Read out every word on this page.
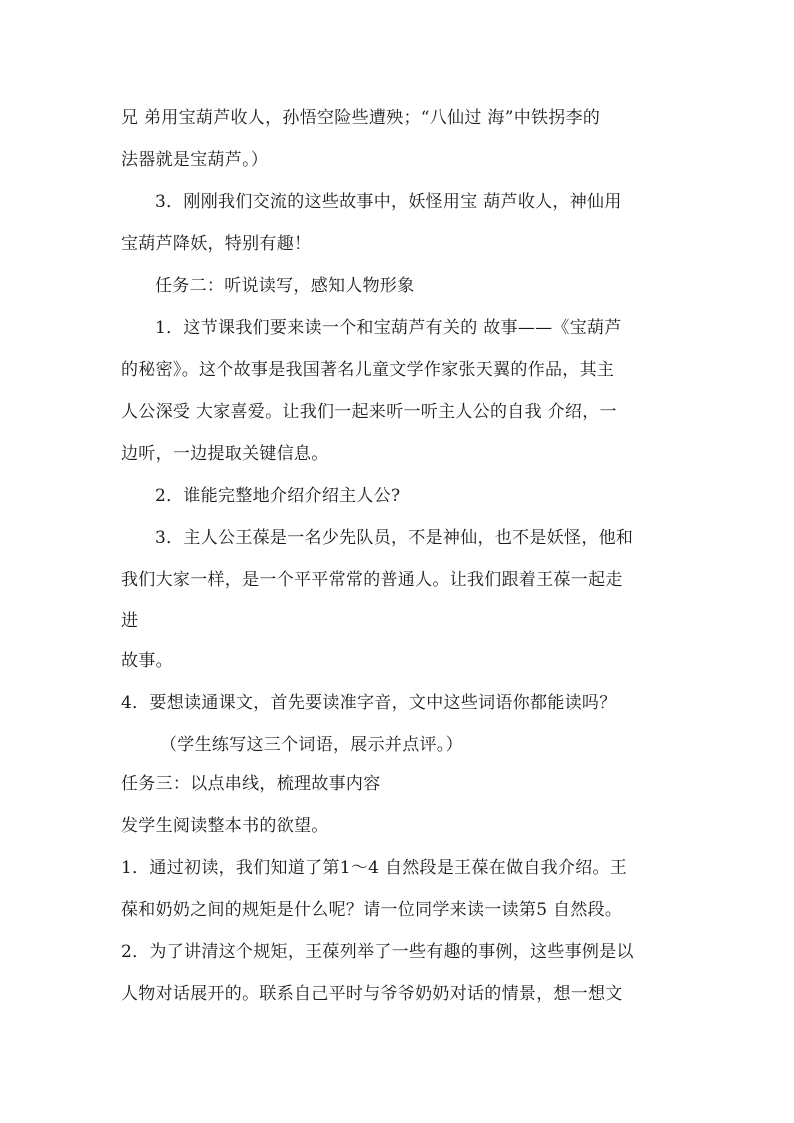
兄 弟用宝葫芦收人，孙悟空险些遭殃；“八仙过 海”中铁拐李的
法器就是宝葫芦。）
3．刚刚我们交流的这些故事中，妖怪用宝 葫芦收人，神仙用
宝葫芦降妖，特别有趣！
任务二：听说读写，感知人物形象
1．这节课我们要来读一个和宝葫芦有关的 故事——《宝葫芦
的秘密》。这个故事是我国著名儿童文学作家张天翼的作品，其主
人公深受 大家喜爱。让我们一起来听一听主人公的自我 介绍，一
边听，一边提取关键信息。
2．谁能完整地介绍介绍主人公?
3．主人公王葆是一名少先队员，不是神仙，也不是妖怪，他和
我们大家一样，是一个平平常常的普通人。让我们跟着王葆一起走
进
故事。
4．要想读通课文，首先要读准字音，文中这些词语你都能读吗？
（学生练写这三个词语，展示并点评。）
任务三：以点串线，梳理故事内容
发学生阅读整本书的欲望。
1．通过初读，我们知道了第1～4 自然段是王葆在做自我介绍。王
葆和奶奶之间的规矩是什么呢？请一位同学来读一读第5 自然段。
2．为了讲清这个规矩，王葆列举了一些有趣的事例，这些事例是以
人物对话展开的。联系自己平时与爷爷奶奶对话的情景，想一想文
